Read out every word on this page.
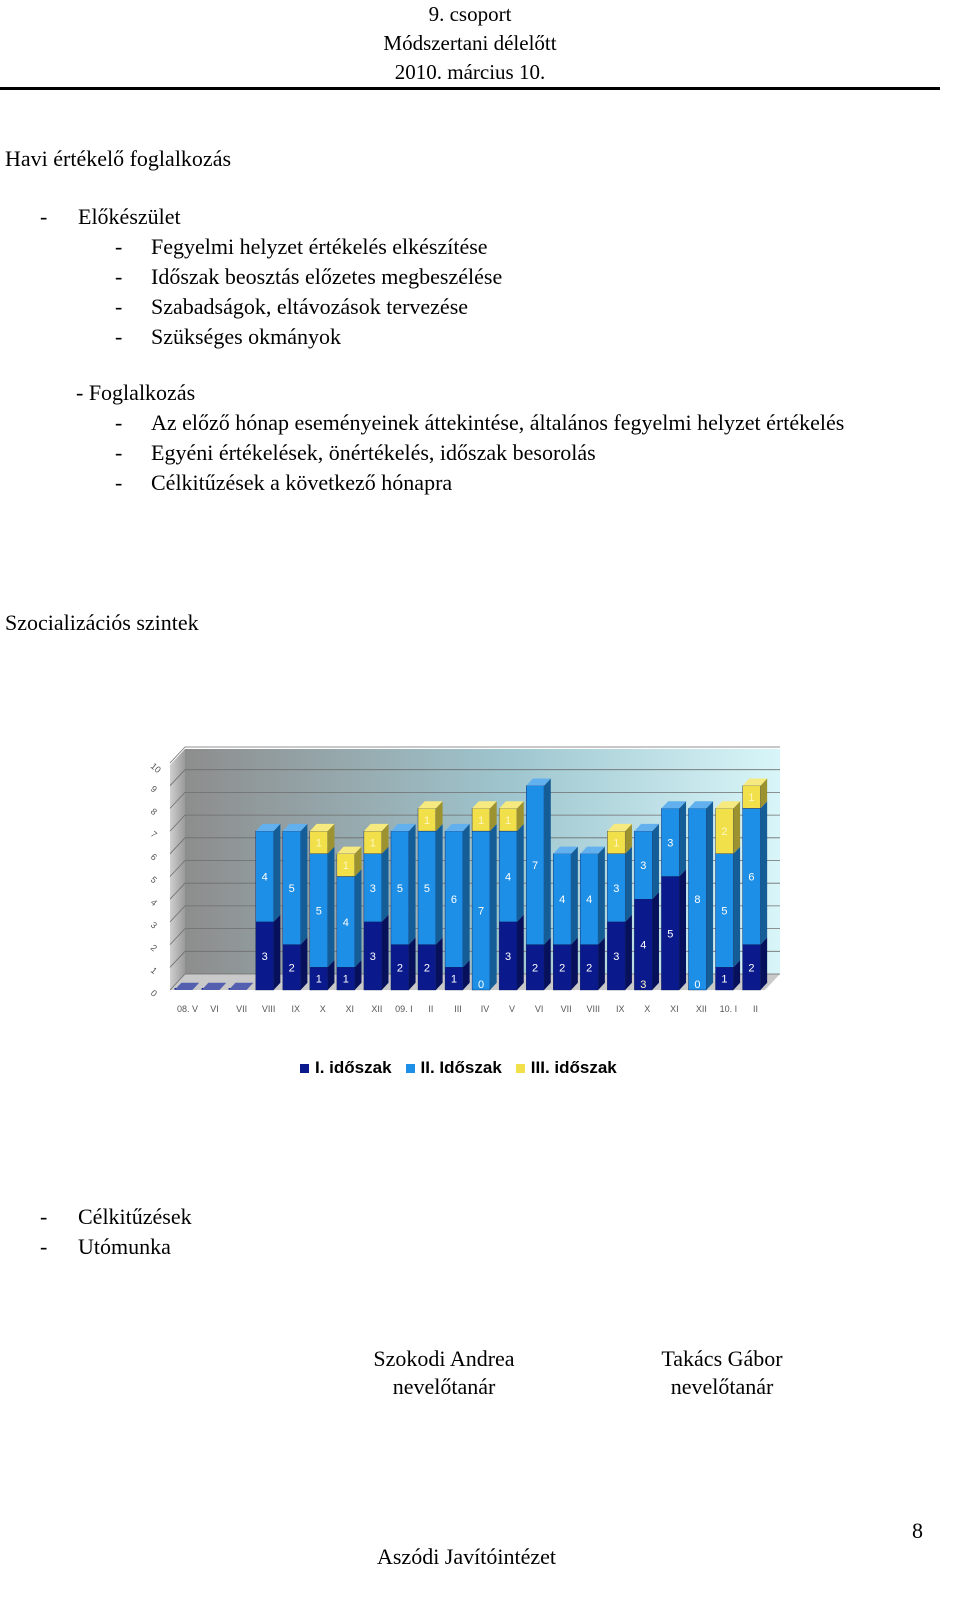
9. csoport
Módszertani délelőtt
2010. március 10.
Havi értékelő foglalkozás
- Előkészület
- Fegyelmi helyzet értékelés elkészítése
- Időszak beosztás előzetes megbeszélése
- Szabadságok, eltávozások tervezése
- Szükséges okmányok
- Foglalkozás
- Az előző hónap eseményeinek áttekintése, általános fegyelmi helyzet értékelés
- Egyéni értékelések, önértékelés, időszak besorolás
- Célkitűzések a következő hónapra
Szocializációs szintek
0
1
2
3
4
5
6
7
8
9
10
08. V VI VII
3
4
VIII
2
5
IX
1
5
1
X
1
4
1
XI
3
3
1
XII
2
5
09. I
2
5
1
II
1
6
III
0
7
1
IV
3
4
1
V
2
7
VI
2
4
VII
2
4
VIII
3
3
1
IX
4
3
3
X
5
3
XI
0
8
XII
1
5
2
10. I
2
6
1
II
I. időszak II. Időszak III. időszak
- Célkitűzések
- Utómunka
Szokodi Andrea
nevelőtanár
Takács Gábor
nevelőtanár
8
Aszódi Javítóintézet
